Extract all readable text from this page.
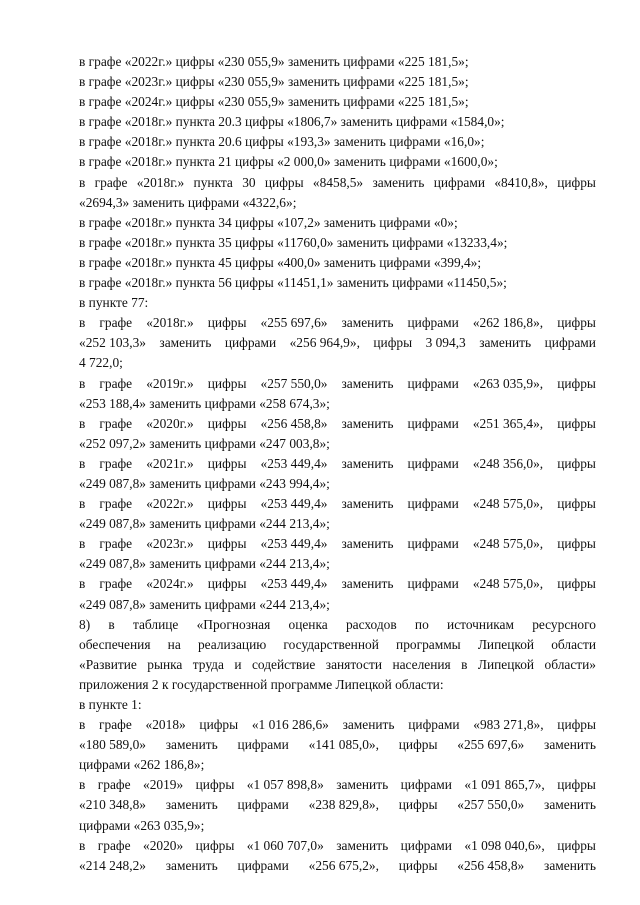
в графе «2022г.» цифры «230 055,9» заменить цифрами «225 181,5»;
в графе «2023г.» цифры «230 055,9» заменить цифрами «225 181,5»;
в графе «2024г.» цифры «230 055,9» заменить цифрами «225 181,5»;
в графе «2018г.» пункта 20.3 цифры «1806,7» заменить цифрами «1584,0»;
в графе «2018г.» пункта 20.6 цифры «193,3» заменить цифрами «16,0»;
в графе «2018г.» пункта 21 цифры «2 000,0» заменить цифрами «1600,0»;
в графе «2018г.» пункта 30 цифры «8458,5» заменить цифрами «8410,8», цифры
«2694,3» заменить цифрами «4322,6»;
в графе «2018г.» пункта 34 цифры «107,2» заменить цифрами «0»;
в графе «2018г.» пункта 35 цифры «11760,0» заменить цифрами «13233,4»;
в графе «2018г.» пункта 45 цифры «400,0» заменить цифрами «399,4»;
в графе «2018г.» пункта 56 цифры «11451,1» заменить цифрами «11450,5»;
в пункте 77:
в графе «2018г.» цифры «255 697,6» заменить цифрами «262 186,8», цифры
«252 103,3» заменить цифрами «256 964,9», цифры 3 094,3 заменить цифрами
4 722,0;
в графе «2019г.» цифры «257 550,0» заменить цифрами «263 035,9», цифры
«253 188,4» заменить цифрами «258 674,3»;
в графе «2020г.» цифры «256 458,8» заменить цифрами «251 365,4», цифры
«252 097,2» заменить цифрами «247 003,8»;
в графе «2021г.» цифры «253 449,4» заменить цифрами «248 356,0», цифры
«249 087,8» заменить цифрами «243 994,4»;
в графе «2022г.» цифры «253 449,4» заменить цифрами «248 575,0», цифры
«249 087,8» заменить цифрами «244 213,4»;
в графе «2023г.» цифры «253 449,4» заменить цифрами «248 575,0», цифры
«249 087,8» заменить цифрами «244 213,4»;
в графе «2024г.» цифры «253 449,4» заменить цифрами «248 575,0», цифры
«249 087,8» заменить цифрами «244 213,4»;
8) в таблице «Прогнозная оценка расходов по источникам ресурсного
обеспечения на реализацию государственной программы Липецкой области
«Развитие рынка труда и содействие занятости населения в Липецкой области»
приложения 2 к государственной программе Липецкой области:
в пункте 1:
в графе «2018» цифры «1 016 286,6» заменить цифрами «983 271,8», цифры
«180 589,0» заменить цифрами «141 085,0», цифры «255 697,6» заменить
цифрами «262 186,8»;
в графе «2019» цифры «1 057 898,8» заменить цифрами «1 091 865,7», цифры
«210 348,8» заменить цифрами «238 829,8», цифры «257 550,0» заменить
цифрами «263 035,9»;
в графе «2020» цифры «1 060 707,0» заменить цифрами «1 098 040,6», цифры
«214 248,2» заменить цифрами «256 675,2», цифры «256 458,8» заменить
